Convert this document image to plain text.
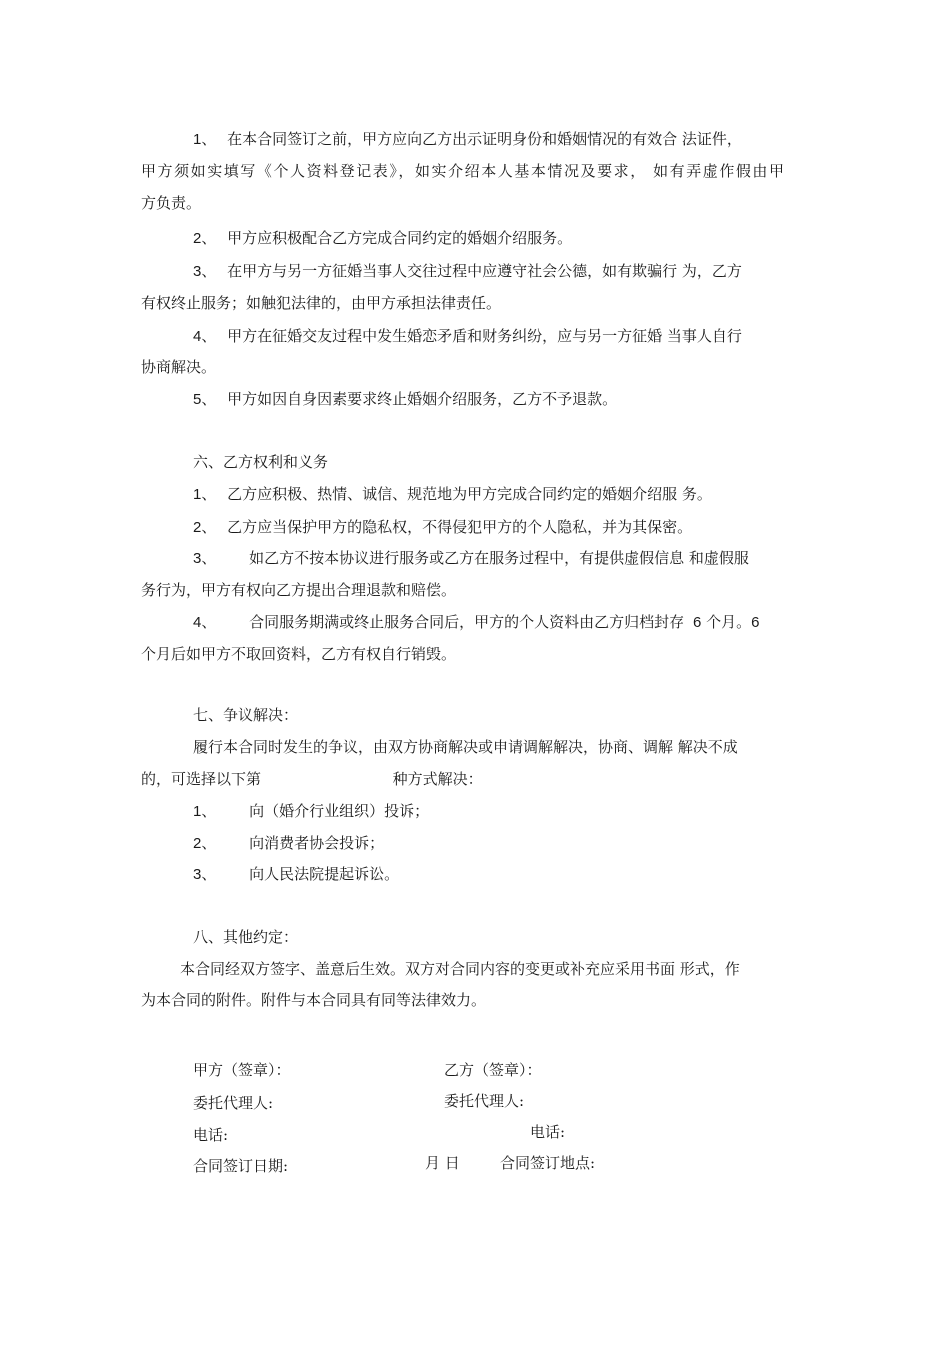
1、 在本合同签订之前，甲方应向乙方出示证明身份和婚姻情况的有效合 法证件，
甲方须如实填写《个人资料登记表》，如实介绍本人基本情况及要求， 如有弄虚作假由甲
方负责。
2、 甲方应积极配合乙方完成合同约定的婚姻介绍服务。
3、 在甲方与另一方征婚当事人交往过程中应遵守社会公德，如有欺骗行 为，乙方
有权终止服务；如触犯法律的，由甲方承担法律责任。
4、 甲方在征婚交友过程中发生婚恋矛盾和财务纠纷，应与另一方征婚 当事人自行
协商解决。
5、 甲方如因自身因素要求终止婚姻介绍服务，乙方不予退款。
六、乙方权利和义务
1、 乙方应积极、热情、诚信、规范地为甲方完成合同约定的婚姻介绍服 务。
2、 乙方应当保护甲方的隐私权，不得侵犯甲方的个人隐私，并为其保密。
3、 如乙方不按本协议进行服务或乙方在服务过程中，有提供虚假信息 和虚假服
务行为，甲方有权向乙方提出合理退款和赔偿。
4、 合同服务期满或终止服务合同后，甲方的个人资料由乙方归档封存 6 个月。6
个月后如甲方不取回资料，乙方有权自行销毁。
七、争议解决：
履行本合同时发生的争议，由双方协商解决或申请调解解决，协商、调解 解决不成
的，可选择以下第	种方式解决：
1、 向（婚介行业组织）投诉；
2、 向消费者协会投诉；
3、 向人民法院提起诉讼。
八、其他约定：
本合同经双方签字、盖意后生效。双方对合同内容的变更或补充应采用书面 形式，作
为本合同的附件。附件与本合同具有同等法律效力。
甲方（签章）：	乙方（签章）：
委托代理人:	委托代理人:
电话:	电话:
合同签订日期:	月 日	合同签订地点:
